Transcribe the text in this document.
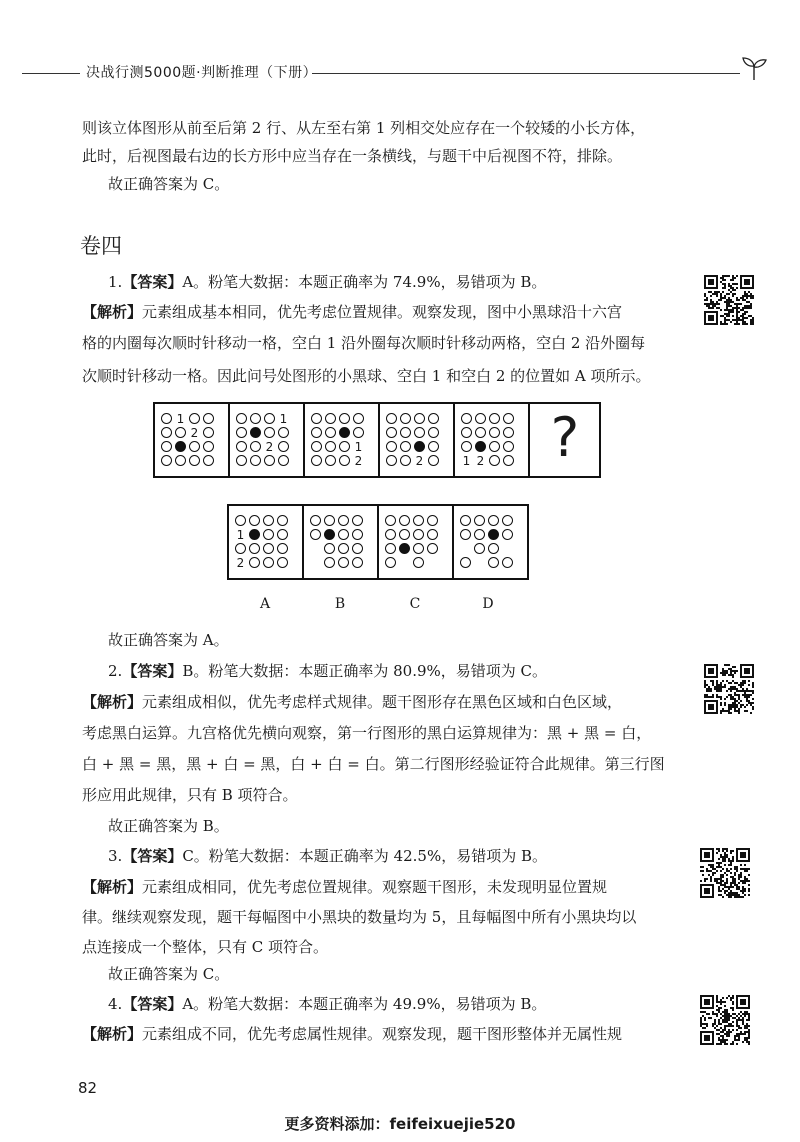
决战行测5000题·判断推理（下册）
则该立体图形从前至后第 2 行、从左至右第 1 列相交处应存在一个较矮的小长方体，
此时，后视图最右边的长方形中应当存在一条横线，与题干中后视图不符，排除。
故正确答案为 C。
卷四
1.【答案】A。粉笔大数据：本题正确率为 74.9%，易错项为 B。
【解析】元素组成基本相同，优先考虑位置规律。观察发现，图中小黑球沿十六宫
格的内圈每次顺时针移动一格，空白 1 沿外圈每次顺时针移动两格，空白 2 沿外圈每
次顺时针移动一格。因此问号处图形的小黑球、空白 1 和空白 2 的位置如 A 项所示。
1
2
1
2	1
2	2	1 2	?
1
2
A	B	C	D
故正确答案为 A。
2.【答案】B。粉笔大数据：本题正确率为 80.9%，易错项为 C。
【解析】元素组成相似，优先考虑样式规律。题干图形存在黑色区域和白色区域，
考虑黑白运算。九宫格优先横向观察，第一行图形的黑白运算规律为：黑 + 黑 = 白，
白 + 黑 = 黑，黑 + 白 = 黑，白 + 白 = 白。第二行图形经验证符合此规律。第三行图
形应用此规律，只有 B 项符合。
故正确答案为 B。
3.【答案】C。粉笔大数据：本题正确率为 42.5%，易错项为 B。
【解析】元素组成相同，优先考虑位置规律。观察题干图形，未发现明显位置规
律。继续观察发现，题干每幅图中小黑块的数量均为 5，且每幅图中所有小黑块均以
点连接成一个整体，只有 C 项符合。
故正确答案为 C。
4.【答案】A。粉笔大数据：本题正确率为 49.9%，易错项为 B。
【解析】元素组成不同，优先考虑属性规律。观察发现，题干图形整体并无属性规
82
更多资料添加：feifeixuejie520
